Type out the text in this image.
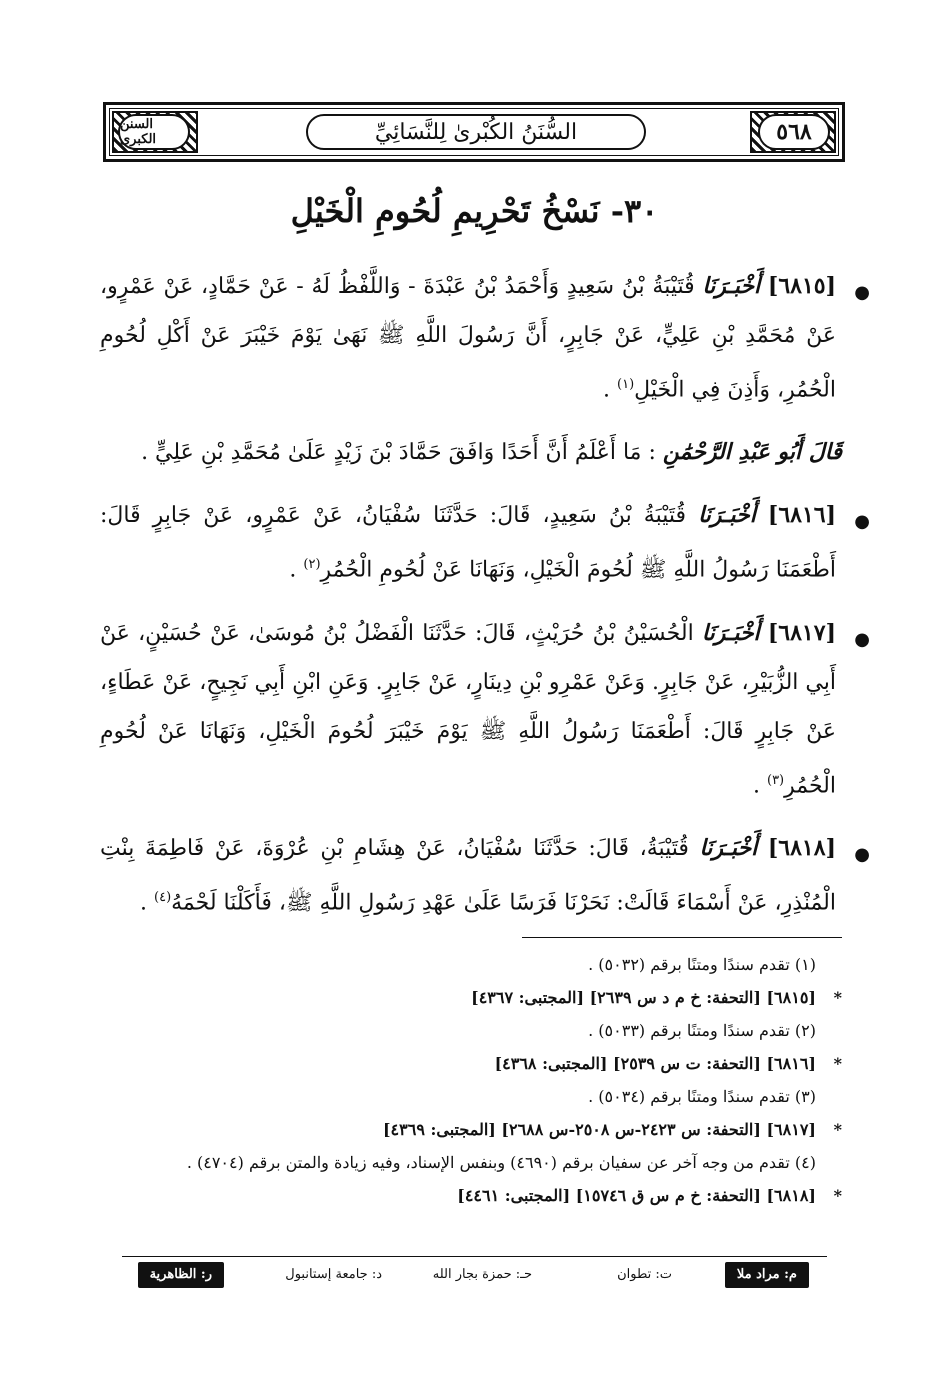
السنن الكبرى	السُّنَنُ الكُبْرىٰ لِلنَّسَائِيِّ	٥٦٨
٣٠- نَسْخُ تَحْرِيمِ لُحُومِ الْخَيْلِ
●
[٦٨١٥] أَخْبَـرَنَا قُتَيْبَةُ بْنُ سَعِيدٍ وَأَحْمَدُ بْنُ عَبْدَةَ - وَاللَّفْظُ لَهُ - عَنْ حَمَّادٍ، عَنْ عَمْرٍو، عَنْ مُحَمَّدِ بْنِ عَلِيٍّ، عَنْ جَابِرٍ، أَنَّ رَسُولَ اللَّهِ ﷺ نَهَىٰ يَوْمَ خَيْبَرَ عَنْ أَكْلِ لُحُومِ الْحُمُرِ، وَأَذِنَ فِي الْخَيْلِ$^{(١)}$ .
قَالَ أَبُو عَبْدِ الرَّحْمَٰنِ : مَا أَعْلَمُ أَنَّ أَحَدًا وَافَقَ حَمَّادَ بْنَ زَيْدٍ عَلَىٰ مُحَمَّدِ بْنِ عَلِيٍّ .
●
[٦٨١٦] أَخْبَـرَنَا قُتَيْبَةُ بْنُ سَعِيدٍ، قَالَ: حَدَّثَنَا سُفْيَانُ، عَنْ عَمْرٍو، عَنْ جَابِرٍ قَالَ: أَطْعَمَنَا رَسُولُ اللَّهِ ﷺ لُحُومَ الْخَيْلِ، وَنَهَانَا عَنْ لُحُومِ الْحُمُرِ$^{(٢)}$ .
●
[٦٨١٧] أَخْبَـرَنَا الْحُسَيْنُ بْنُ حُرَيْثٍ، قَالَ: حَدَّثَنَا الْفَضْلُ بْنُ مُوسَىٰ، عَنْ حُسَيْنٍ، عَنْ أَبِي الزُّبَيْرِ، عَنْ جَابِرٍ. وَعَنْ عَمْرِو بْنِ دِينَارٍ، عَنْ جَابِرٍ. وَعَنِ ابْنِ أَبِي نَجِيحٍ، عَنْ عَطَاءٍ، عَنْ جَابِرٍ قَالَ: أَطْعَمَنَا رَسُولُ اللَّهِ ﷺ يَوْمَ خَيْبَرَ لُحُومَ الْخَيْلِ، وَنَهَانَا عَنْ لُحُومِ الْحُمُرِ$^{(٣)}$ .
●
[٦٨١٨] أَخْبَـرَنَا قُتَيْبَةُ، قَالَ: حَدَّثَنَا سُفْيَانُ، عَنْ هِشَامِ بْنِ عُرْوَةَ، عَنْ فَاطِمَةَ بِنْتِ الْمُنْذِرِ، عَنْ أَسْمَاءَ قَالَتْ: نَحَرْنَا فَرَسًا عَلَىٰ عَهْدِ رَسُولِ اللَّهِ ﷺ، فَأَكَلْنَا لَحْمَهُ$^{(٤)}$ .
(١) تقدم سندًا ومتنًا برقم (٥٠٣٢) .
*
[٦٨١٥] [التحفة: خ م د س ٢٦٣٩] [المجتبى: ٤٣٦٧]
(٢) تقدم سندًا ومتنًا برقم (٥٠٣٣) .
*
[٦٨١٦] [التحفة: ت س ٢٥٣٩] [المجتبى: ٤٣٦٨]
(٣) تقدم سندًا ومتنًا برقم (٥٠٣٤) .
*
[٦٨١٧] [التحفة: س ٢٤٢٣-س ٢٥٠٨-س ٢٦٨٨] [المجتبى: ٤٣٦٩]
(٤) تقدم من وجه آخر عن سفيان برقم (٤٦٩٠) وبنفس الإسناد، وفيه زيادة والمتن برقم (٤٧٠٤) .
*
[٦٨١٨] [التحفة: خ م س ق ١٥٧٤٦] [المجتبى: ٤٤٦١]
م: مراد ملا
ت: تطوان
حـ: حمزة بجار الله
د: جامعة إستانبول
ر: الظاهرية
